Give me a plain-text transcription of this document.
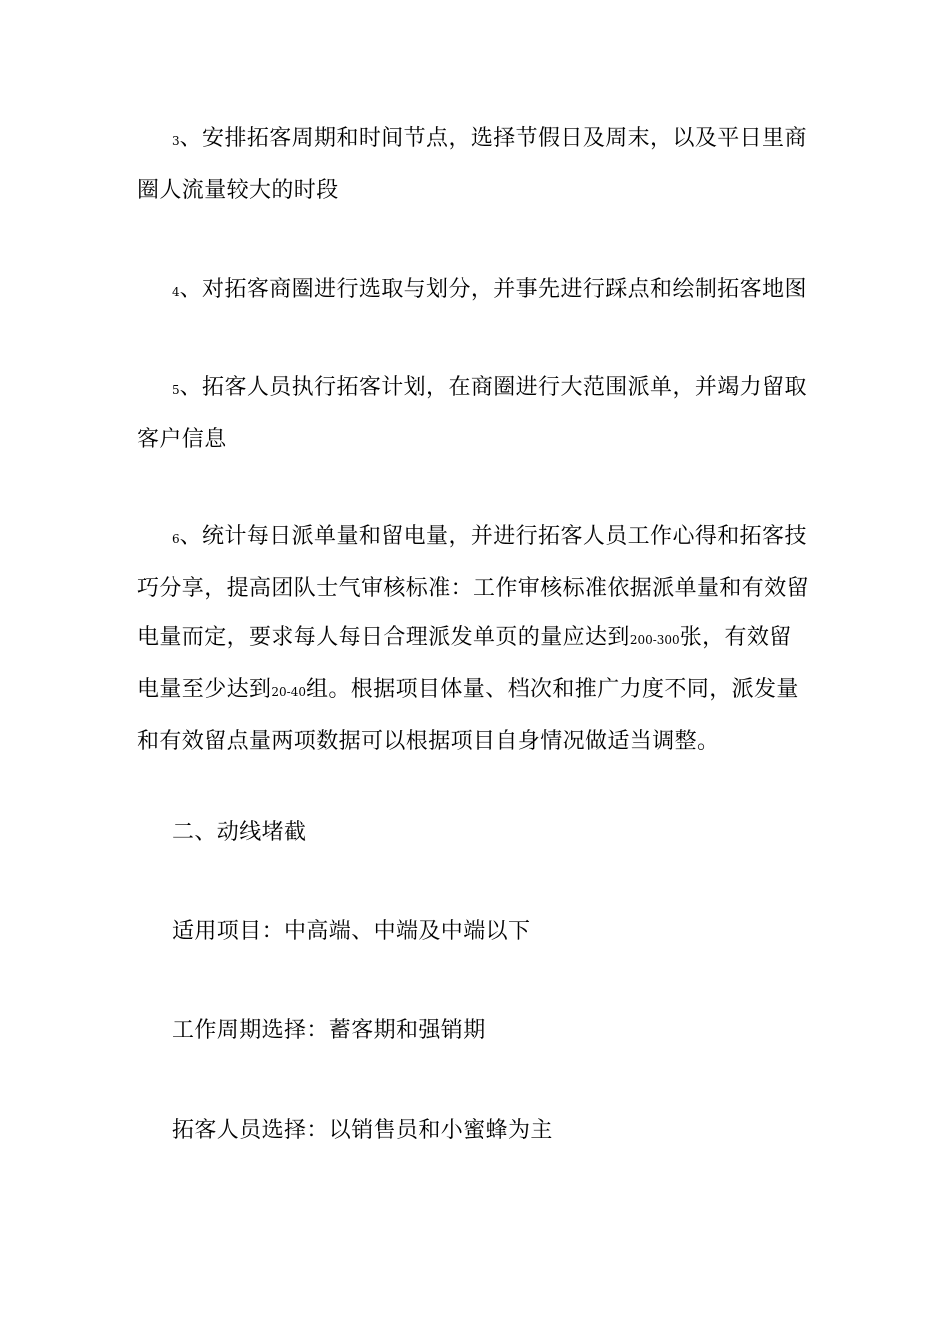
3、安排拓客周期和时间节点，选择节假日及周末，以及平日里商
圈人流量较大的时段

4、对拓客商圈进行选取与划分，并事先进行踩点和绘制拓客地图

5、拓客人员执行拓客计划，在商圈进行大范围派单，并竭力留取
客户信息

6、统计每日派单量和留电量，并进行拓客人员工作心得和拓客技
巧分享，提高团队士气审核标准：工作审核标准依据派单量和有效留
电量而定，要求每人每日合理派发单页的量应达到200-300张，有效留
电量至少达到20-40组。根据项目体量、档次和推广力度不同，派发量
和有效留点量两项数据可以根据项目自身情况做适当调整。

二、动线堵截

适用项目：中高端、中端及中端以下

工作周期选择：蓄客期和强销期

拓客人员选择：以销售员和小蜜蜂为主
